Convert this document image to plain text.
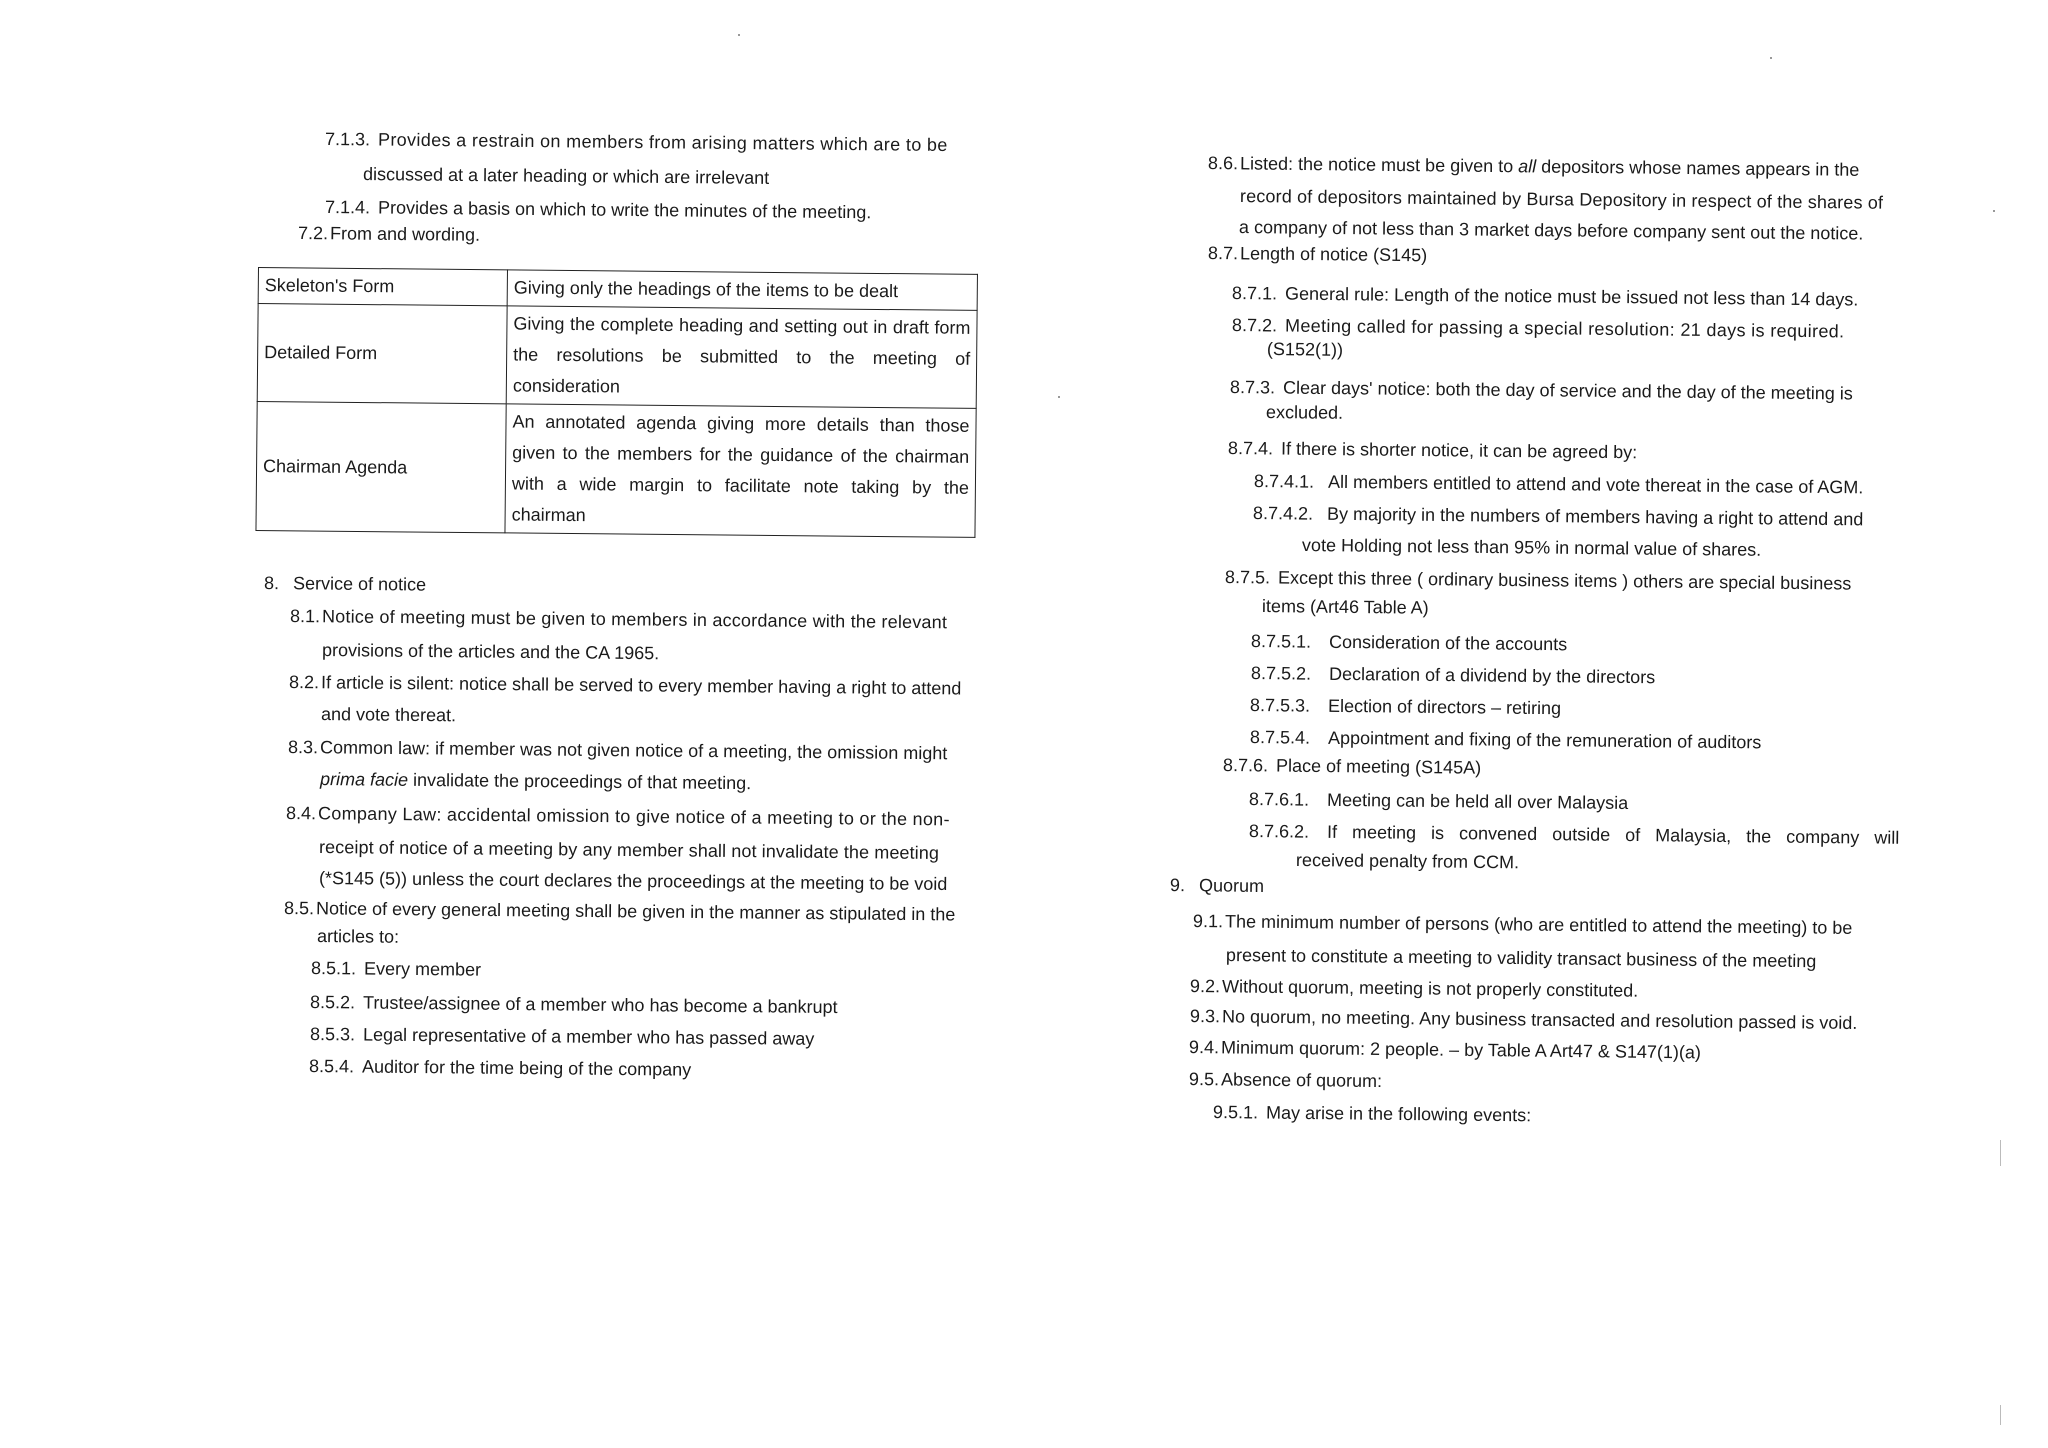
7.1.3. Provides a restrain on members from arising matters which are to be
discussed at a later heading or which are irrelevant
7.1.4. Provides a basis on which to write the minutes of the meeting.
7.2. From and wording.
Skeleton's Form	Giving only the headings of the items to be dealt
Detailed Form	Giving the complete heading and setting out in draft form the resolutions be submitted to the meeting of consideration
Chairman Agenda	An annotated agenda giving more details than those given to the members for the guidance of the chairman with a wide margin to facilitate note taking by the chairman
8. Service of notice
8.1. Notice of meeting must be given to members in accordance with the relevant
provisions of the articles and the CA 1965.
8.2. If article is silent: notice shall be served to every member having a right to attend
and vote thereat.
8.3. Common law: if member was not given notice of a meeting, the omission might
prima facie invalidate the proceedings of that meeting.
8.4. Company Law: accidental omission to give notice of a meeting to or the non-
receipt of notice of a meeting by any member shall not invalidate the meeting
(*S145 (5)) unless the court declares the proceedings at the meeting to be void
8.5. Notice of every general meeting shall be given in the manner as stipulated in the
articles to:
8.5.1. Every member
8.5.2. Trustee/assignee of a member who has become a bankrupt
8.5.3. Legal representative of a member who has passed away
8.5.4. Auditor for the time being of the company
8.6.Listed: the notice must be given to all depositors whose names appears in the
record of depositors maintained by Bursa Depository in respect of the shares of
a company of not less than 3 market days before company sent out the notice.
8.7.Length of notice (S145)
8.7.1. General rule: Length of the notice must be issued not less than 14 days.
8.7.2. Meeting called for passing a special resolution: 21 days is required.
(S152(1))
8.7.3. Clear days' notice: both the day of service and the day of the meeting is
excluded.
8.7.4. If there is shorter notice, it can be agreed by:
8.7.4.1. All members entitled to attend and vote thereat in the case of AGM.
8.7.4.2. By majority in the numbers of members having a right to attend and
vote Holding not less than 95% in normal value of shares.
8.7.5. Except this three ( ordinary business items ) others are special business
items (Art46 Table A)
8.7.5.1. Consideration of the accounts
8.7.5.2. Declaration of a dividend by the directors
8.7.5.3. Election of directors – retiring
8.7.5.4. Appointment and fixing of the remuneration of auditors
8.7.6. Place of meeting (S145A)
8.7.6.1. Meeting can be held all over Malaysia
8.7.6.2. If meeting is convened outside of Malaysia, the company will
received penalty from CCM.
9. Quorum
9.1.The minimum number of persons (who are entitled to attend the meeting) to be
present to constitute a meeting to validity transact business of the meeting
9.2.Without quorum, meeting is not properly constituted.
9.3.No quorum, no meeting. Any business transacted and resolution passed is void.
9.4.Minimum quorum: 2 people. – by Table A Art47 & S147(1)(a)
9.5.Absence of quorum:
9.5.1. May arise in the following events:
